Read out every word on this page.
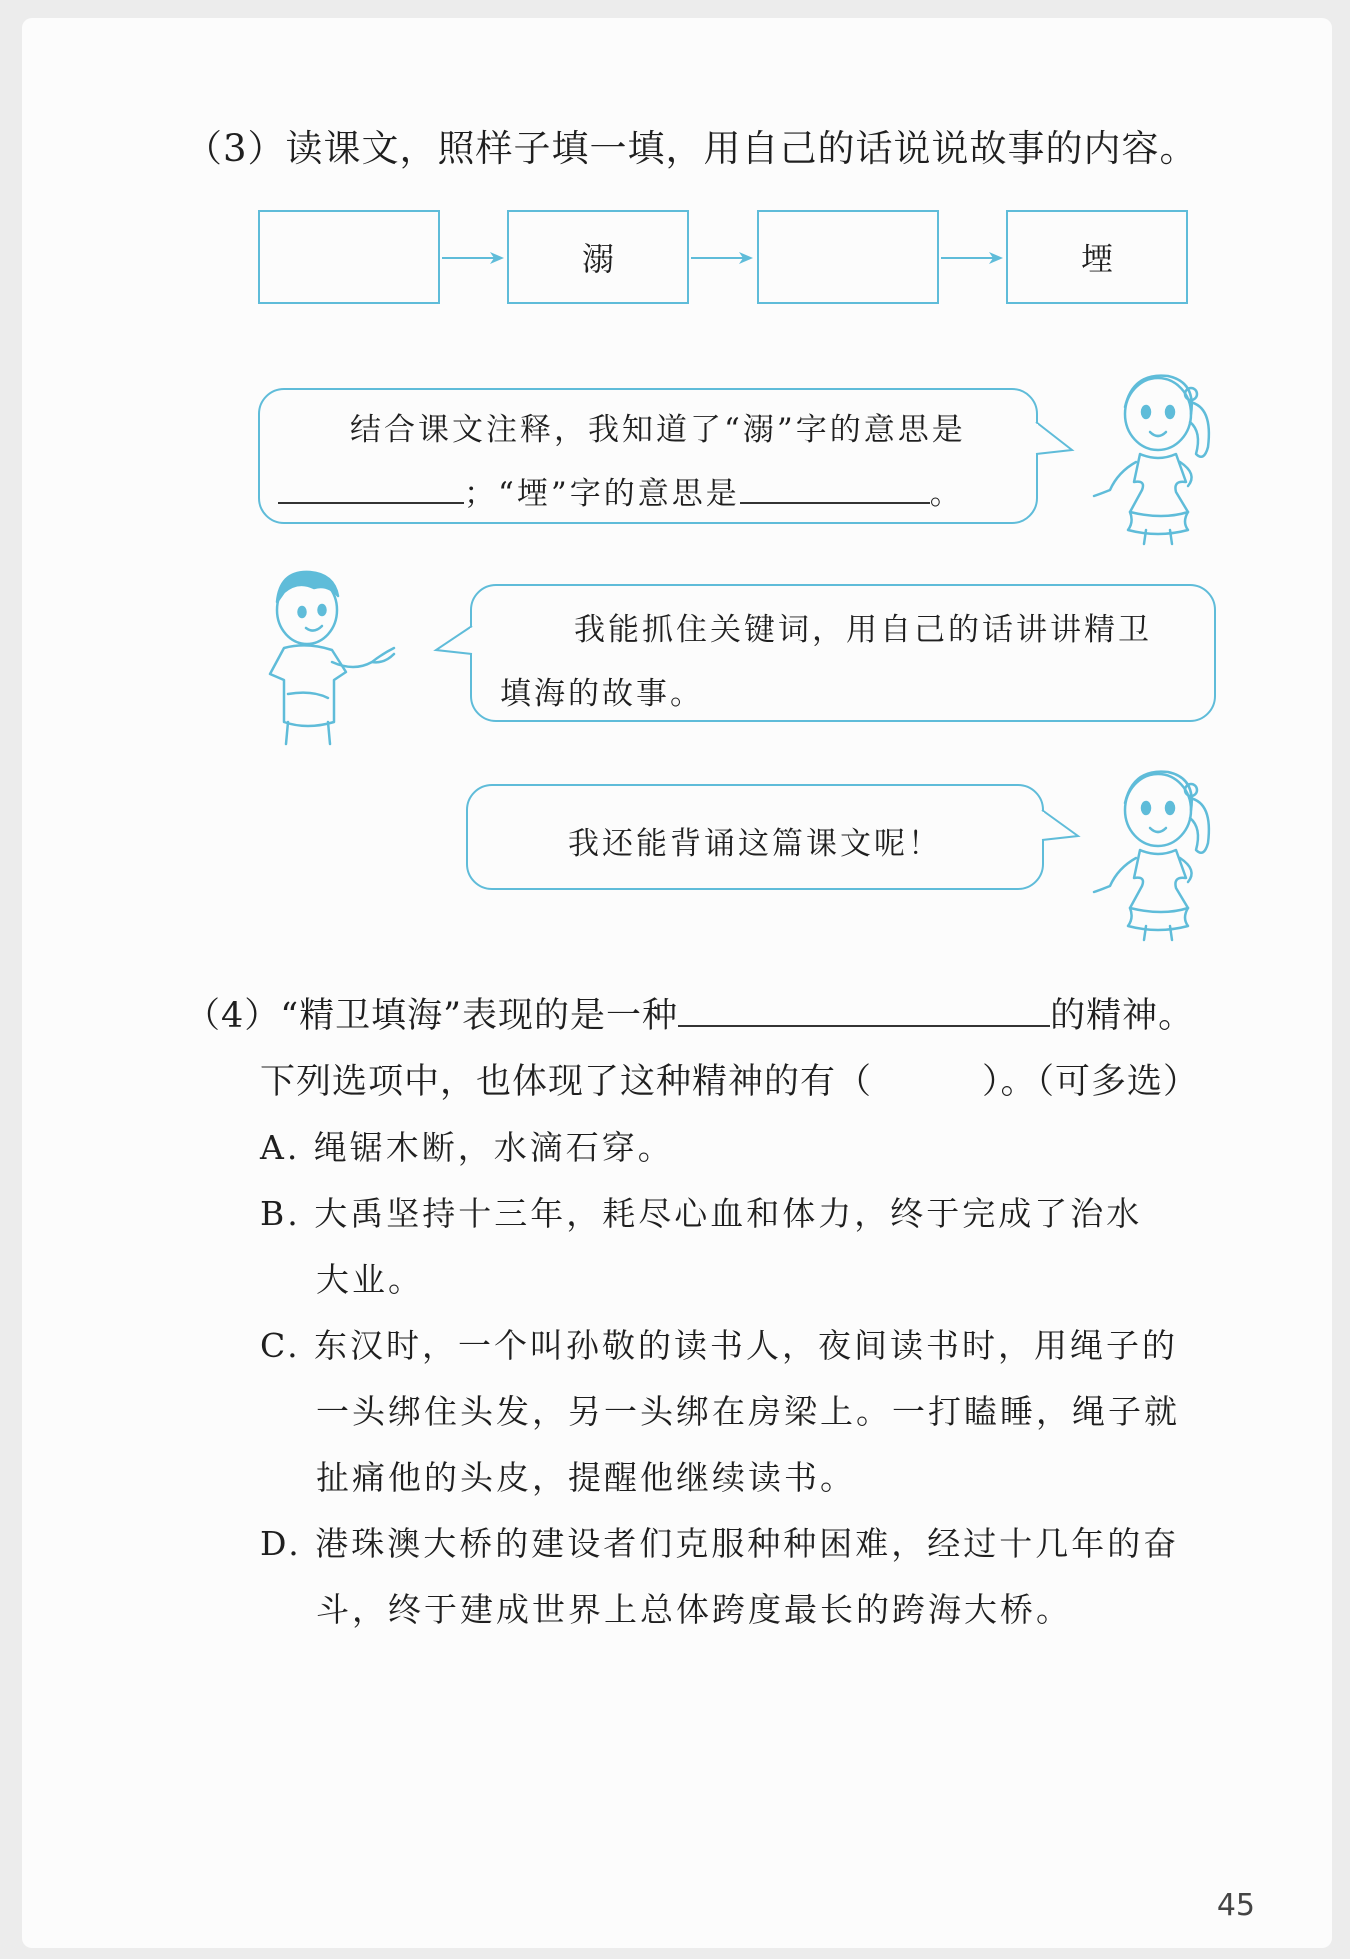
（3）读课文，照样子填一填，用自己的话说说故事的内容。
溺	堙
结合课文注释，我知道了“溺”字的意思是
；“堙”字的意思是	。
我能抓住关键词，用自己的话讲讲精卫
填海的故事。
我还能背诵这篇课文呢！
（4）“精卫填海”表现的是一种	的精神。
下列选项中，也体现了这种精神的有（	）。（可多选）
A. 绳锯木断，水滴石穿。
B. 大禹坚持十三年，耗尽心血和体力，终于完成了治水
大业。
C. 东汉时，一个叫孙敬的读书人，夜间读书时，用绳子的
一头绑住头发，另一头绑在房梁上。一打瞌睡，绳子就
扯痛他的头皮，提醒他继续读书。
D. 港珠澳大桥的建设者们克服种种困难，经过十几年的奋
斗，终于建成世界上总体跨度最长的跨海大桥。
45
